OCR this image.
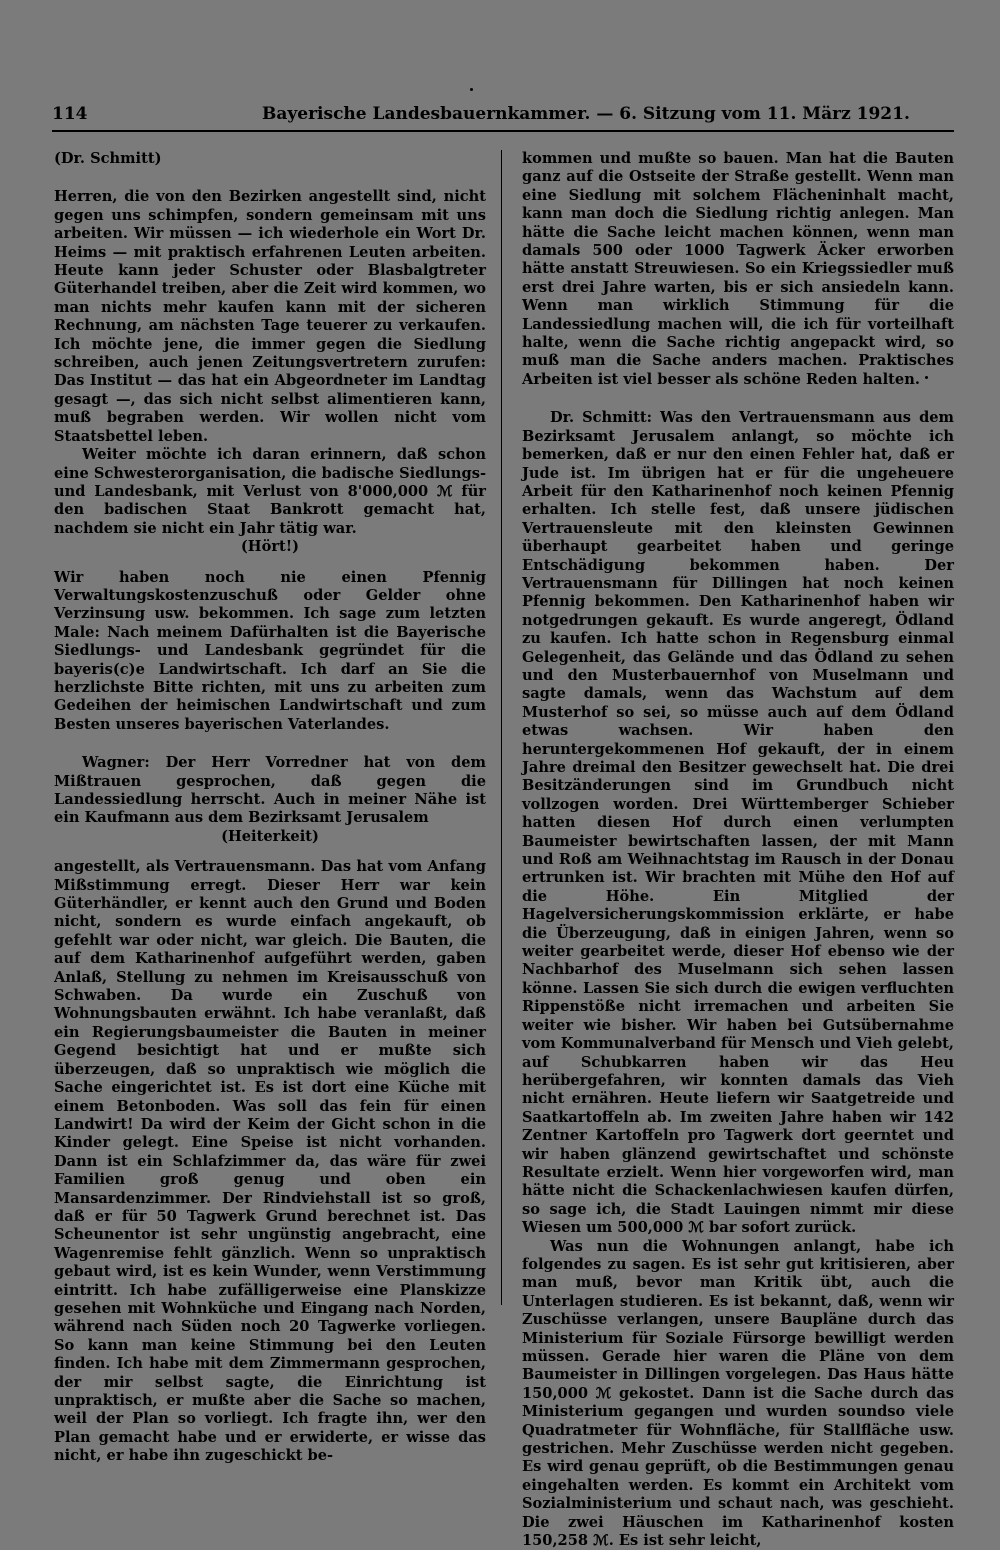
114	Bayerische Landesbauernkammer. — 6. Sitzung vom 11. März 1921.

(Dr. Schmitt)

Herren, die von den Bezirken angestellt sind, nicht gegen uns schimpfen, sondern gemeinsam mit uns arbeiten. Wir müssen — ich wiederhole ein Wort Dr. Heims — mit praktisch erfahrenen Leuten arbeiten. Heute kann jeder Schuster oder Blasbalgtreter Güterhandel treiben, aber die Zeit wird kommen, wo man nichts mehr kaufen kann mit der sicheren Rechnung, am nächsten Tage teuerer zu verkaufen. Ich möchte jene, die immer gegen die Siedlung schreiben, auch jenen Zeitungsvertretern zurufen: Das Institut — das hat ein Abgeordneter im Landtag gesagt —, das sich nicht selbst alimentieren kann, muß begraben werden. Wir wollen nicht vom Staatsbettel leben.

Weiter möchte ich daran erinnern, daß schon eine Schwesterorganisation, die badische Siedlungs- und Landesbank, mit Verlust von 8'000,000 ℳ für den badischen Staat Bankrott gemacht hat, nachdem sie nicht ein Jahr tätig war.

(Hört!)

Wir haben noch nie einen Pfennig Verwaltungskostenzuschuß oder Gelder ohne Verzinsung usw. bekommen. Ich sage zum letzten Male: Nach meinem Dafürhalten ist die Bayerische Siedlungs- und Landesbank gegründet für die bayeris(c)e Landwirtschaft. Ich darf an Sie die herzlichste Bitte richten, mit uns zu arbeiten zum Gedeihen der heimischen Landwirtschaft und zum Besten unseres bayerischen Vaterlandes.

Wagner: Der Herr Vorredner hat von dem Mißtrauen gesprochen, daß gegen die Landessiedlung herrscht. Auch in meiner Nähe ist ein Kaufmann aus dem Bezirksamt Jerusalem

(Heiterkeit)

angestellt, als Vertrauensmann. Das hat vom Anfang Mißstimmung erregt. Dieser Herr war kein Güterhändler, er kennt auch den Grund und Boden nicht, sondern es wurde einfach angekauft, ob gefehlt war oder nicht, war gleich. Die Bauten, die auf dem Katharinenhof aufgeführt werden, gaben Anlaß, Stellung zu nehmen im Kreisausschuß von Schwaben. Da wurde ein Zuschuß von Wohnungsbauten erwähnt. Ich habe veranlaßt, daß ein Regierungsbaumeister die Bauten in meiner Gegend besichtigt hat und er mußte sich überzeugen, daß so unpraktisch wie möglich die Sache eingerichtet ist. Es ist dort eine Küche mit einem Betonboden. Was soll das fein für einen Landwirt! Da wird der Keim der Gicht schon in die Kinder gelegt. Eine Speise ist nicht vorhanden. Dann ist ein Schlafzimmer da, das wäre für zwei Familien groß genug und oben ein Mansardenzimmer. Der Rindviehstall ist so groß, daß er für 50 Tagwerk Grund berechnet ist. Das Scheunentor ist sehr ungünstig angebracht, eine Wagenremise fehlt gänzlich. Wenn so unpraktisch gebaut wird, ist es kein Wunder, wenn Verstimmung eintritt. Ich habe zufälligerweise eine Planskizze gesehen mit Wohnküche und Eingang nach Norden, während nach Süden noch 20 Tagwerke vorliegen. So kann man keine Stimmung bei den Leuten finden. Ich habe mit dem Zimmermann gesprochen, der mir selbst sagte, die Einrichtung ist unpraktisch, er mußte aber die Sache so machen, weil der Plan so vorliegt. Ich fragte ihn, wer den Plan gemacht habe und er erwiderte, er wisse das nicht, er habe ihn zugeschickt be-

kommen und mußte so bauen. Man hat die Bauten ganz auf die Ostseite der Straße gestellt. Wenn man eine Siedlung mit solchem Flächeninhalt macht, kann man doch die Siedlung richtig anlegen. Man hätte die Sache leicht machen können, wenn man damals 500 oder 1000 Tagwerk Äcker erworben hätte anstatt Streuwiesen. So ein Kriegssiedler muß erst drei Jahre warten, bis er sich ansiedeln kann. Wenn man wirklich Stimmung für die Landessiedlung machen will, die ich für vorteilhaft halte, wenn die Sache richtig angepackt wird, so muß man die Sache anders machen. Praktisches Arbeiten ist viel besser als schöne Reden halten.

Dr. Schmitt: Was den Vertrauensmann aus dem Bezirksamt Jerusalem anlangt, so möchte ich bemerken, daß er nur den einen Fehler hat, daß er Jude ist. Im übrigen hat er für die ungeheuere Arbeit für den Katharinenhof noch keinen Pfennig erhalten. Ich stelle fest, daß unsere jüdischen Vertrauensleute mit den kleinsten Gewinnen überhaupt gearbeitet haben und geringe Entschädigung bekommen haben. Der Vertrauensmann für Dillingen hat noch keinen Pfennig bekommen. Den Katharinenhof haben wir notgedrungen gekauft. Es wurde angeregt, Ödland zu kaufen. Ich hatte schon in Regensburg einmal Gelegenheit, das Gelände und das Ödland zu sehen und den Musterbauernhof von Muselmann und sagte damals, wenn das Wachstum auf dem Musterhof so sei, so müsse auch auf dem Ödland etwas wachsen. Wir haben den heruntergekommenen Hof gekauft, der in einem Jahre dreimal den Besitzer gewechselt hat. Die drei Besitzänderungen sind im Grundbuch nicht vollzogen worden. Drei Württemberger Schieber hatten diesen Hof durch einen verlumpten Baumeister bewirtschaften lassen, der mit Mann und Roß am Weihnachtstag im Rausch in der Donau ertrunken ist. Wir brachten mit Mühe den Hof auf die Höhe. Ein Mitglied der Hagelversicherungskommission erklärte, er habe die Überzeugung, daß in einigen Jahren, wenn so weiter gearbeitet werde, dieser Hof ebenso wie der Nachbarhof des Muselmann sich sehen lassen könne. Lassen Sie sich durch die ewigen verfluchten Rippenstöße nicht irremachen und arbeiten Sie weiter wie bisher. Wir haben bei Gutsübernahme vom Kommunalverband für Mensch und Vieh gelebt, auf Schubkarren haben wir das Heu herübergefahren, wir konnten damals das Vieh nicht ernähren. Heute liefern wir Saatgetreide und Saatkartoffeln ab. Im zweiten Jahre haben wir 142 Zentner Kartoffeln pro Tagwerk dort geerntet und wir haben glänzend gewirtschaftet und schönste Resultate erzielt. Wenn hier vorgeworfen wird, man hätte nicht die Schackenlachwiesen kaufen dürfen, so sage ich, die Stadt Lauingen nimmt mir diese Wiesen um 500,000 ℳ bar sofort zurück.

Was nun die Wohnungen anlangt, habe ich folgendes zu sagen. Es ist sehr gut kritisieren, aber man muß, bevor man Kritik übt, auch die Unterlagen studieren. Es ist bekannt, daß, wenn wir Zuschüsse verlangen, unsere Baupläne durch das Ministerium für Soziale Fürsorge bewilligt werden müssen. Gerade hier waren die Pläne von dem Baumeister in Dillingen vorgelegen. Das Haus hätte 150,000 ℳ gekostet. Dann ist die Sache durch das Ministerium gegangen und wurden soundso viele Quadratmeter für Wohnfläche, für Stallfläche usw. gestrichen. Mehr Zuschüsse werden nicht gegeben. Es wird genau geprüft, ob die Bestimmungen genau eingehalten werden. Es kommt ein Architekt vom Sozialministerium und schaut nach, was geschieht. Die zwei Häuschen im Katharinenhof kosten 150,258 ℳ. Es ist sehr leicht,
